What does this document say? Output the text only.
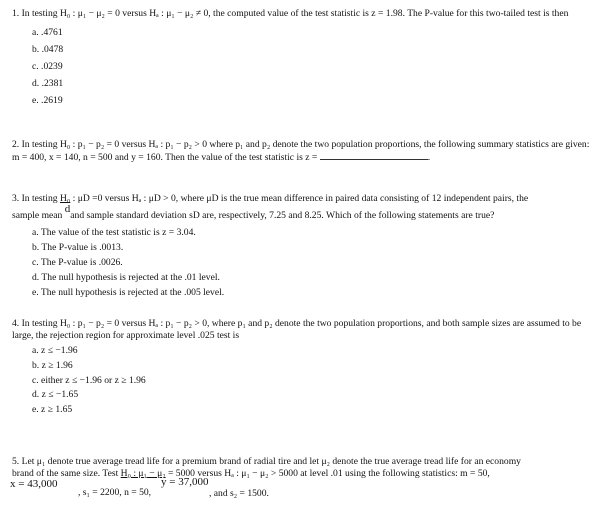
1. In testing H₀ : μ₁ − μ₂ = 0 versus Hₐ : μ₁ − μ₂ ≠ 0, the computed value of the test statistic is z = 1.98. The P-value for this two-tailed test is then

a. .4761
b. .0478
c. .0239
d. .2381
e. .2619

2. In testing H₀ : p₁ − p₂ = 0 versus Hₐ : p₁ − p₂ > 0 where p₁ and p₂ denote the two population proportions, the following summary statistics are given: m = 400, x = 140, n = 500 and y = 160. Then the value of the test statistic is z =	.

3. In testing H₀ : μD =0 versus Hₐ : μD > 0, where μD is the true mean difference in paired data consisting of 12 independent pairs, the

sample mean $\overline{d}and$ sample standard deviation sD are, respectively, 7.25 and 8.25. Which of the following statements are true?

a. The value of the test statistic is z = 3.04.
b. The P-value is .0013.
c. The P-value is .0026.
d. The null hypothesis is rejected at the .01 level.
e. The null hypothesis is rejected at the .005 level.

4. In testing H₀ : p₁ − p₂ = 0 versus Hₐ : p₁ − p₂ > 0, where p₁ and p₂ denote the two population proportions, and both sample sizes are assumed to be large, the rejection region for approximate level .025 test is

a. z ≤ −1.96
b. z ≥ 1.96
c. either z ≤ −1.96 or z ≥ 1.96
d. z ≤ −1.65
e. z ≥ 1.65

5. Let μ₁ denote true average tread life for a premium brand of radial tire and let μ₂ denote the true average tread life for an economy

brand of the same size. Test H₀ : μ₁ − μ₂ = 5000 versus Hₐ : μ₁ − μ₂ > 5000 at level .01 using the following statistics: m = 50,

x = 43,000
, s₁ = 2200, n = 50,
y = 37,000
, and s₂ = 1500.
